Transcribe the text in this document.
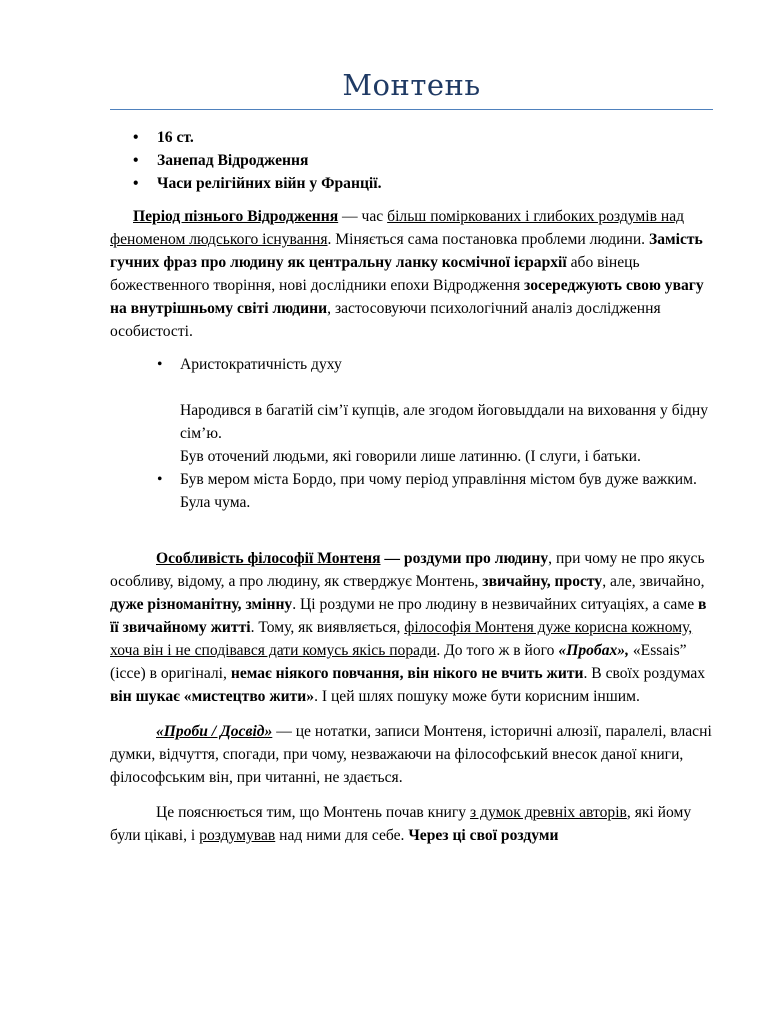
Монтень
• 16 ст.
• Занепад Відродження
• Часи релігійних війн у Франції.

Період пізнього Відродження — час більш поміркованих і глибоких роздумів над феноменом людського існування. Міняється сама постановка проблеми людини. Замість гучних фраз про людину як центральну ланку космічної ієрархії або вінець божественного творіння, нові дослідники епохи Відродження зосереджують свою увагу на внутрішньому світі людини, застосовуючи психологічний аналіз дослідження особистості.

• Аристократичність духу

Народився в багатій сім’ї купців, але згодом йоговыддали на виховання у бідну сім’ю.

Був оточений людьми, які говорили лише латинню. (І слуги, і батьки.

• Був мером міста Бордо, при чому період управління містом був дуже важким. Була чума.

Особливість філософії Монтеня — роздуми про людину, при чому не про якусь особливу, відому, а про людину, як стверджує Монтень, звичайну, просту, але, звичайно, дуже різноманітну, змінну. Ці роздуми не про людину в незвичайних ситуаціях, а саме в її звичайному житті. Тому, як виявляється, філософія Монтеня дуже корисна кожному, хоча він і не сподівався дати комусь якісь поради. До того ж в його «Пробах», «Essais” (іссе) в оригіналі, немає ніякого повчання, він нікого не вчить жити. В своїх роздумах він шукає «мистецтво жити». І цей шлях пошуку може бути корисним іншим.

«Проби / Досвід» — це нотатки, записи Монтеня, історичні алюзії, паралелі, власні думки, відчуття, спогади, при чому, незважаючи на філософський внесок даної книги, філософським він, при читанні, не здається.

Це пояснюється тим, що Монтень почав книгу з думок древніх авторів, які йому були цікаві, і роздумував над ними для себе. Через ці свої роздуми
